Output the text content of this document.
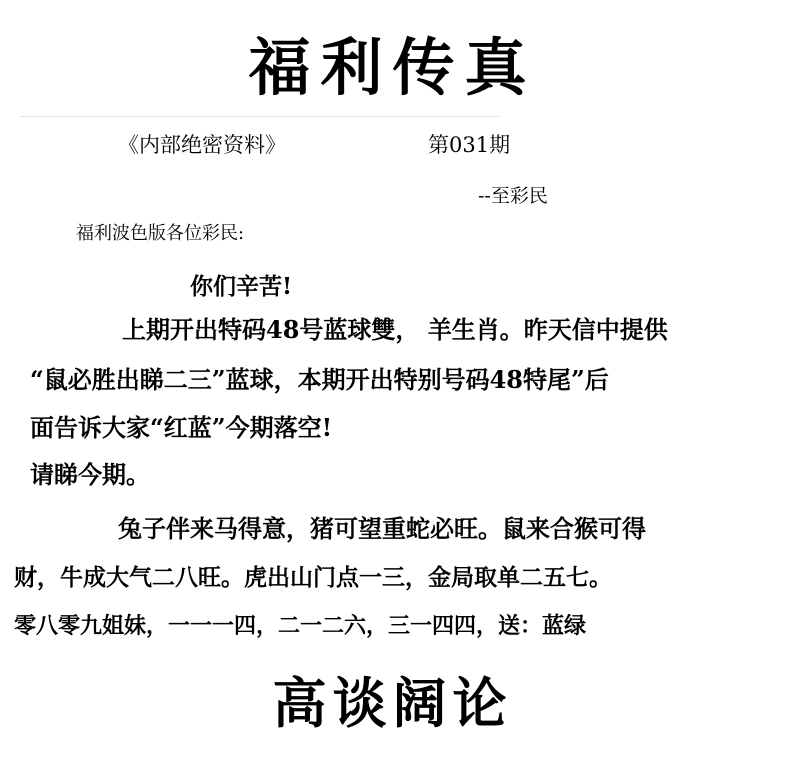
福利传真
《内部绝密资料》	第031期
--至彩民
福利波色版各位彩民:
你们辛苦!
上期开出特码48号蓝球雙， 羊生肖。昨天信中提供
“鼠必胜出睇二三”蓝球，本期开出特别号码48特尾”后
面告诉大家“红蓝”今期落空!
请睇今期。
兔子伴来马得意，猪可望重蛇必旺。鼠来合猴可得
财，牛成大气二八旺。虎出山门点一三，金局取单二五七。
零八零九姐妹，一一一四，二一二六，三一四四，送：蓝绿
高谈阔论
